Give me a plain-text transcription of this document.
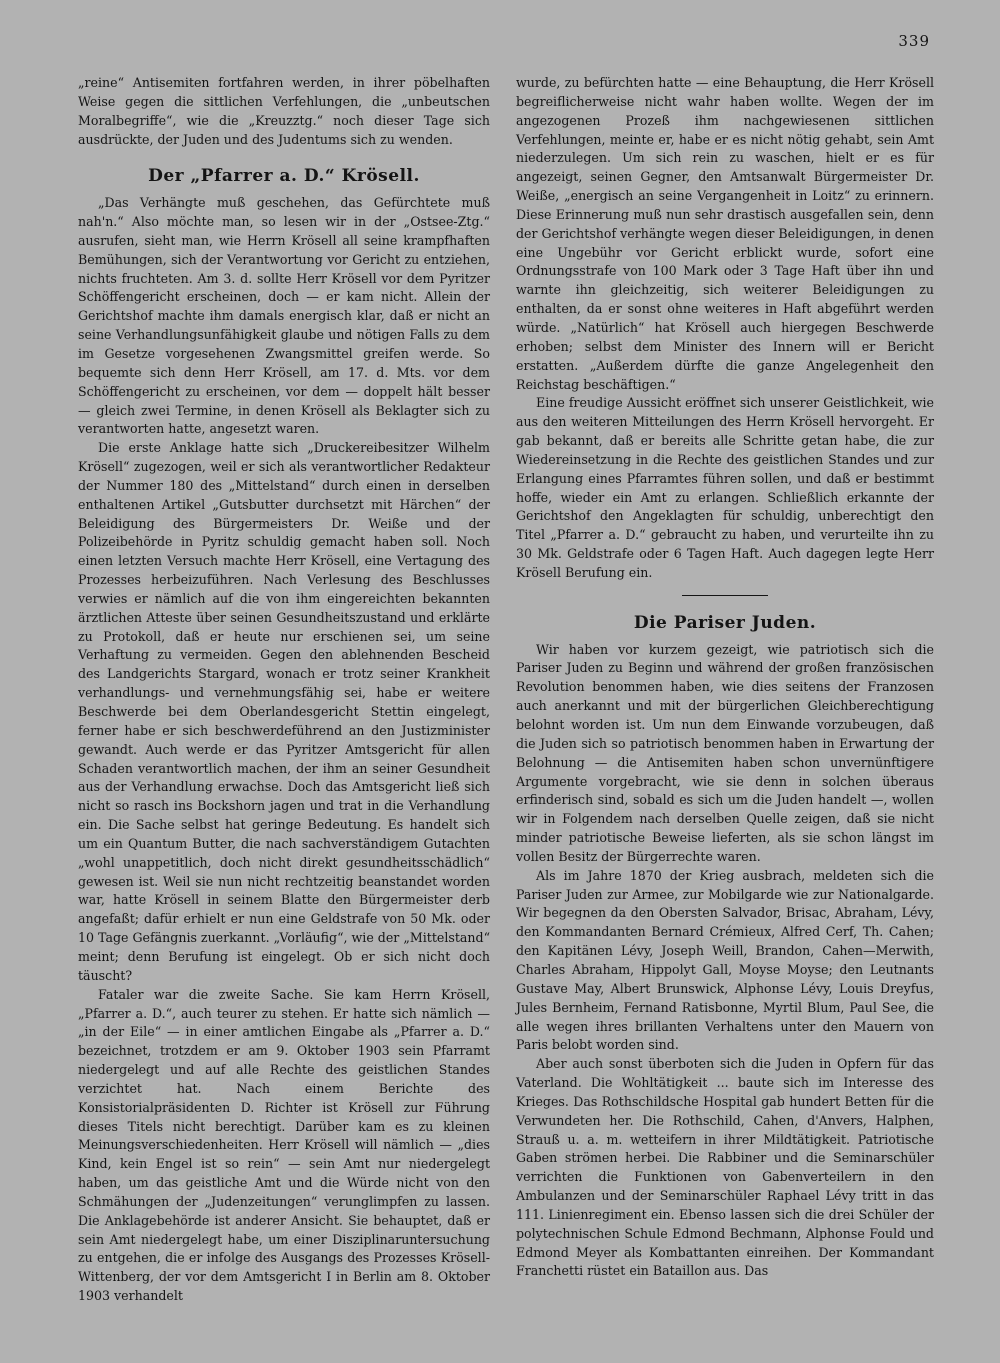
339

„reine“ Antisemiten fortfahren werden, in ihrer pöbelhaften Weise gegen die sittlichen Verfehlungen, die „unbeutschen Moralbegriffe“, wie die „Kreuzztg.“ noch dieser Tage sich ausdrückte, der Juden und des Judentums sich zu wenden.

Der „Pfarrer a. D.“ Krösell.

„Das Verhängte muß geschehen, das Gefürchtete muß nah'n.“ Also möchte man, so lesen wir in der „Ostsee-Ztg.“ ausrufen, sieht man, wie Herrn Krösell all seine krampfhaften Bemühungen, sich der Verantwortung vor Gericht zu entziehen, nichts fruchteten. Am 3. d. sollte Herr Krösell vor dem Pyritzer Schöffengericht erscheinen, doch — er kam nicht. Allein der Gerichtshof machte ihm damals energisch klar, daß er nicht an seine Verhandlungsunfähigkeit glaube und nötigen Falls zu dem im Gesetze vorgesehenen Zwangsmittel greifen werde. So bequemte sich denn Herr Krösell, am 17. d. Mts. vor dem Schöffengericht zu erscheinen, vor dem — doppelt hält besser — gleich zwei Termine, in denen Krösell als Beklagter sich zu verantworten hatte, angesetzt waren.

Die erste Anklage hatte sich „Druckereibesitzer Wilhelm Krösell“ zugezogen, weil er sich als verantwortlicher Redakteur der Nummer 180 des „Mittelstand“ durch einen in derselben enthaltenen Artikel „Gutsbutter durchsetzt mit Härchen“ der Beleidigung des Bürgermeisters Dr. Weiße und der Polizeibehörde in Pyritz schuldig gemacht haben soll. Noch einen letzten Versuch machte Herr Krösell, eine Vertagung des Prozesses herbeizuführen. Nach Verlesung des Beschlusses verwies er nämlich auf die von ihm eingereichten bekannten ärztlichen Atteste über seinen Gesundheitszustand und erklärte zu Protokoll, daß er heute nur erschienen sei, um seine Verhaftung zu vermeiden. Gegen den ablehnenden Bescheid des Landgerichts Stargard, wonach er trotz seiner Krankheit verhandlungs- und vernehmungsfähig sei, habe er weitere Beschwerde bei dem Oberlandesgericht Stettin eingelegt, ferner habe er sich beschwerdeführend an den Justizminister gewandt. Auch werde er das Pyritzer Amtsgericht für allen Schaden verantwortlich machen, der ihm an seiner Gesundheit aus der Verhandlung erwachse. Doch das Amtsgericht ließ sich nicht so rasch ins Bockshorn jagen und trat in die Verhandlung ein. Die Sache selbst hat geringe Bedeutung. Es handelt sich um ein Quantum Butter, die nach sachverständigem Gutachten „wohl unappetitlich, doch nicht direkt gesundheitsschädlich“ gewesen ist. Weil sie nun nicht rechtzeitig beanstandet worden war, hatte Krösell in seinem Blatte den Bürgermeister derb angefaßt; dafür erhielt er nun eine Geldstrafe von 50 Mk. oder 10 Tage Gefängnis zuerkannt. „Vorläufig“, wie der „Mittelstand“ meint; denn Berufung ist eingelegt. Ob er sich nicht doch täuscht?

Fataler war die zweite Sache. Sie kam Herrn Krösell, „Pfarrer a. D.“, auch teurer zu stehen. Er hatte sich nämlich — „in der Eile“ — in einer amtlichen Eingabe als „Pfarrer a. D.“ bezeichnet, trotzdem er am 9. Oktober 1903 sein Pfarramt niedergelegt und auf alle Rechte des geistlichen Standes verzichtet hat. Nach einem Berichte des Konsistorialpräsidenten D. Richter ist Krösell zur Führung dieses Titels nicht berechtigt. Darüber kam es zu kleinen Meinungsverschiedenheiten. Herr Krösell will nämlich — „dies Kind, kein Engel ist so rein“ — sein Amt nur niedergelegt haben, um das geistliche Amt und die Würde nicht von den Schmähungen der „Judenzeitungen“ verunglimpfen zu lassen. Die Anklagebehörde ist anderer Ansicht. Sie behauptet, daß er sein Amt niedergelegt habe, um einer Disziplinaruntersuchung zu entgehen, die er infolge des Ausgangs des Prozesses Krösell-Wittenberg, der vor dem Amtsgericht I in Berlin am 8. Oktober 1903 verhandelt

wurde, zu befürchten hatte — eine Behauptung, die Herr Krösell begreiflicherweise nicht wahr haben wollte. Wegen der im angezogenen Prozeß ihm nachgewiesenen sittlichen Verfehlungen, meinte er, habe er es nicht nötig gehabt, sein Amt niederzulegen. Um sich rein zu waschen, hielt er es für angezeigt, seinen Gegner, den Amtsanwalt Bürgermeister Dr. Weiße, „energisch an seine Vergangenheit in Loitz“ zu erinnern. Diese Erinnerung muß nun sehr drastisch ausgefallen sein, denn der Gerichtshof verhängte wegen dieser Beleidigungen, in denen eine Ungebühr vor Gericht erblickt wurde, sofort eine Ordnungsstrafe von 100 Mark oder 3 Tage Haft über ihn und warnte ihn gleichzeitig, sich weiterer Beleidigungen zu enthalten, da er sonst ohne weiteres in Haft abgeführt werden würde. „Natürlich“ hat Krösell auch hiergegen Beschwerde erhoben; selbst dem Minister des Innern will er Bericht erstatten. „Außerdem dürfte die ganze Angelegenheit den Reichstag beschäftigen.“

Eine freudige Aussicht eröffnet sich unserer Geistlichkeit, wie aus den weiteren Mitteilungen des Herrn Krösell hervorgeht. Er gab bekannt, daß er bereits alle Schritte getan habe, die zur Wiedereinsetzung in die Rechte des geistlichen Standes und zur Erlangung eines Pfarramtes führen sollen, und daß er bestimmt hoffe, wieder ein Amt zu erlangen. Schließlich erkannte der Gerichtshof den Angeklagten für schuldig, unberechtigt den Titel „Pfarrer a. D.“ gebraucht zu haben, und verurteilte ihn zu 30 Mk. Geldstrafe oder 6 Tagen Haft. Auch dagegen legte Herr Krösell Berufung ein.

Die Pariser Juden.

Wir haben vor kurzem gezeigt, wie patriotisch sich die Pariser Juden zu Beginn und während der großen französischen Revolution benommen haben, wie dies seitens der Franzosen auch anerkannt und mit der bürgerlichen Gleichberechtigung belohnt worden ist. Um nun dem Einwande vorzubeugen, daß die Juden sich so patriotisch benommen haben in Erwartung der Belohnung — die Antisemiten haben schon unvernünftigere Argumente vorgebracht, wie sie denn in solchen überaus erfinderisch sind, sobald es sich um die Juden handelt —, wollen wir in Folgendem nach derselben Quelle zeigen, daß sie nicht minder patriotische Beweise lieferten, als sie schon längst im vollen Besitz der Bürgerrechte waren.

Als im Jahre 1870 der Krieg ausbrach, meldeten sich die Pariser Juden zur Armee, zur Mobilgarde wie zur Nationalgarde. Wir begegnen da den Obersten Salvador, Brisac, Abraham, Lévy, den Kommandanten Bernard Crémieux, Alfred Cerf, Th. Cahen; den Kapitänen Lévy, Joseph Weill, Brandon, Cahen—Merwith, Charles Abraham, Hippolyt Gall, Moyse Moyse; den Leutnants Gustave May, Albert Brunswick, Alphonse Lévy, Louis Dreyfus, Jules Bernheim, Fernand Ratisbonne, Myrtil Blum, Paul See, die alle wegen ihres brillanten Verhaltens unter den Mauern von Paris belobt worden sind.

Aber auch sonst überboten sich die Juden in Opfern für das Vaterland. Die Wohltätigkeit ... baute sich im Interesse des Krieges. Das Rothschildsche Hospital gab hundert Betten für die Verwundeten her. Die Rothschild, Cahen, d'Anvers, Halphen, Strauß u. a. m. wetteifern in ihrer Mildtätigkeit. Patriotische Gaben strömen herbei. Die Rabbiner und die Seminarschüler verrichten die Funktionen von Gabenverteilern in den Ambulanzen und der Seminarschüler Raphael Lévy tritt in das 111. Linienregiment ein. Ebenso lassen sich die drei Schüler der polytechnischen Schule Edmond Bechmann, Alphonse Fould und Edmond Meyer als Kombattanten einreihen. Der Kommandant Franchetti rüstet ein Bataillon aus. Das
